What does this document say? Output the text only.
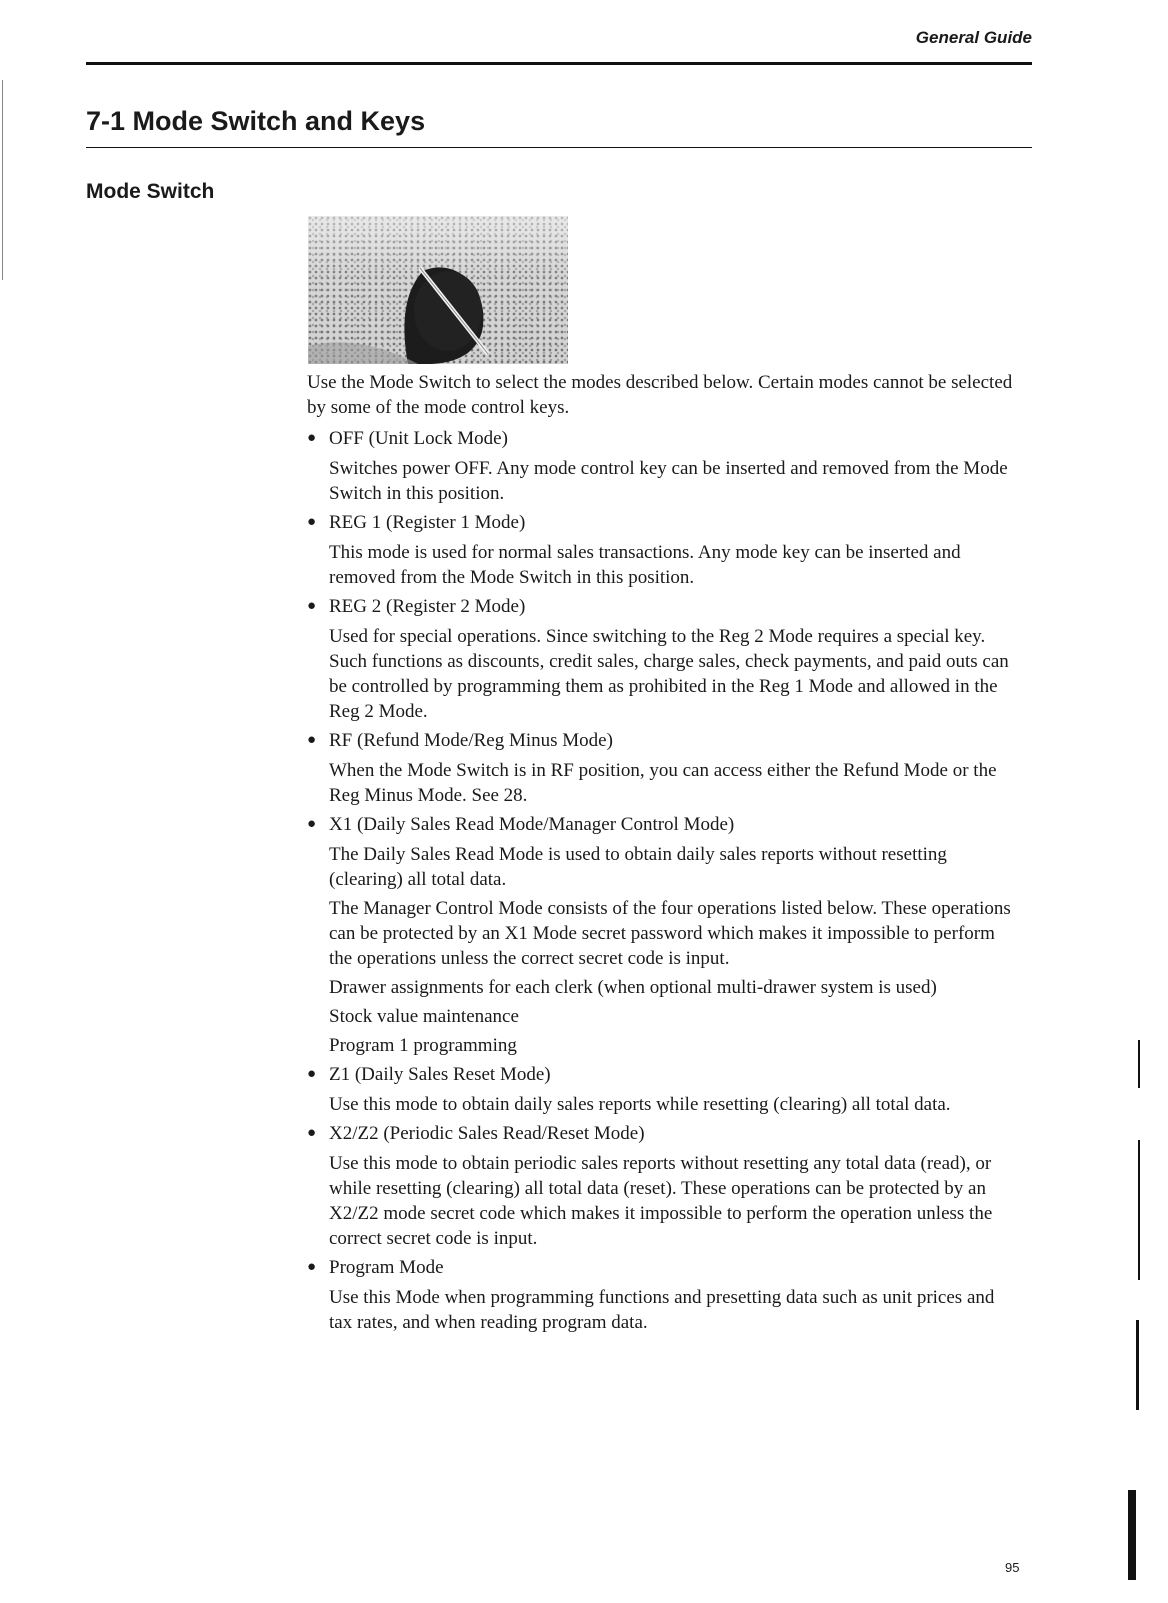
General Guide
7-1 Mode Switch and Keys
Mode Switch

Use the Mode Switch to select the modes described below. Certain modes cannot be selected by some of the mode control keys.

● OFF (Unit Lock Mode)

Switches power OFF. Any mode control key can be inserted and removed from the Mode Switch in this position.

● REG 1 (Register 1 Mode)

This mode is used for normal sales transactions. Any mode key can be inserted and removed from the Mode Switch in this position.

● REG 2 (Register 2 Mode)

Used for special operations. Since switching to the Reg 2 Mode requires a special key. Such functions as discounts, credit sales, charge sales, check payments, and paid outs can be controlled by programming them as prohibited in the Reg 1 Mode and allowed in the Reg 2 Mode.

● RF (Refund Mode/Reg Minus Mode)

When the Mode Switch is in RF position, you can access either the Refund Mode or the Reg Minus Mode. See 28.

● X1 (Daily Sales Read Mode/Manager Control Mode)

The Daily Sales Read Mode is used to obtain daily sales reports without resetting (clearing) all total data.

The Manager Control Mode consists of the four operations listed below. These operations can be protected by an X1 Mode secret password which makes it impossible to perform the operations unless the correct secret code is input.

Drawer assignments for each clerk (when optional multi-drawer system is used)

Stock value maintenance

Program 1 programming

● Z1 (Daily Sales Reset Mode)

Use this mode to obtain daily sales reports while resetting (clearing) all total data.

● X2/Z2 (Periodic Sales Read/Reset Mode)

Use this mode to obtain periodic sales reports without resetting any total data (read), or while resetting (clearing) all total data (reset). These operations can be protected by an X2/Z2 mode secret code which makes it impossible to perform the operation unless the correct secret code is input.

● Program Mode

Use this Mode when programming functions and presetting data such as unit prices and tax rates, and when reading program data.

95
